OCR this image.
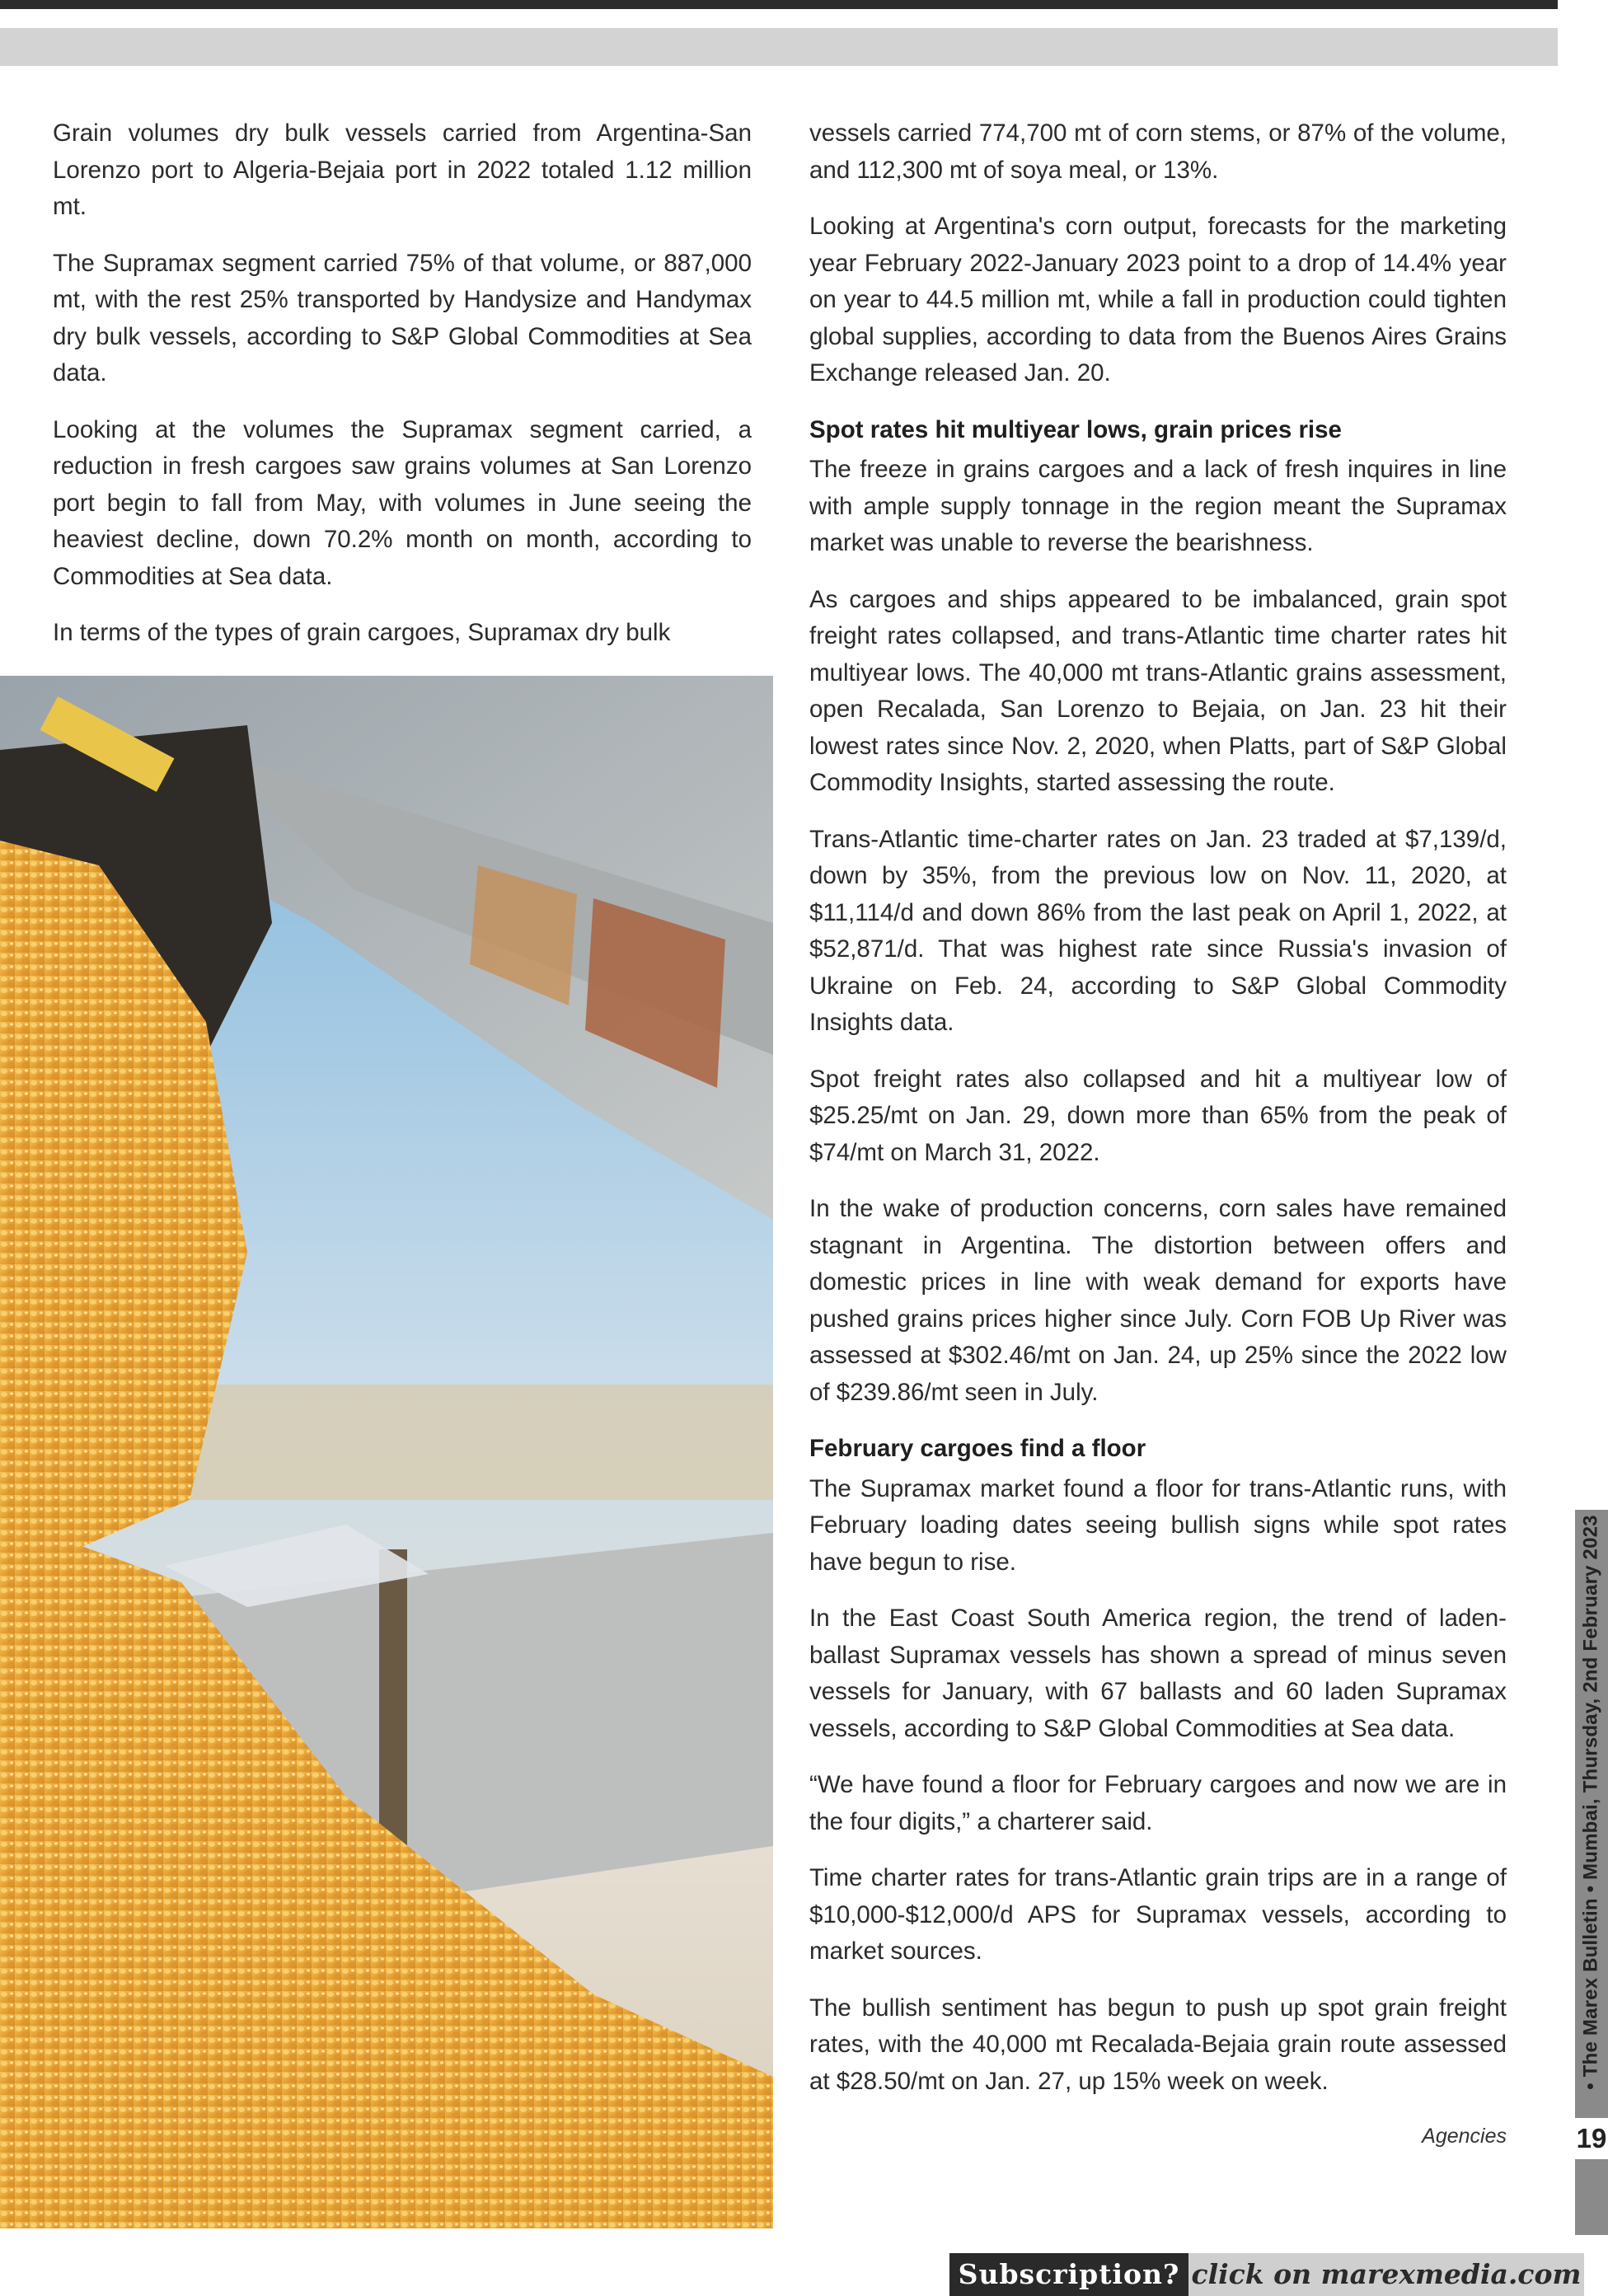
Grain volumes dry bulk vessels carried from Argentina-San Lorenzo port to Algeria-Bejaia port in 2022 totaled 1.12 million mt.

The Supramax segment carried 75% of that volume, or 887,000 mt, with the rest 25% transported by Handysize and Handymax dry bulk vessels, according to S&P Global Commodities at Sea data.

Looking at the volumes the Supramax segment carried, a reduction in fresh cargoes saw grains volumes at San Lorenzo port begin to fall from May, with volumes in June seeing the heaviest decline, down 70.2% month on month, according to Commodities at Sea data.

In terms of the types of grain cargoes, Supramax dry bulk

vessels carried 774,700 mt of corn stems, or 87% of the volume, and 112,300 mt of soya meal, or 13%.

Looking at Argentina's corn output, forecasts for the marketing year February 2022-January 2023 point to a drop of 14.4% year on year to 44.5 million mt, while a fall in production could tighten global supplies, according to data from the Buenos Aires Grains Exchange released Jan. 20.

Spot rates hit multiyear lows, grain prices rise

The freeze in grains cargoes and a lack of fresh inquires in line with ample supply tonnage in the region meant the Supramax market was unable to reverse the bearishness.

As cargoes and ships appeared to be imbalanced, grain spot freight rates collapsed, and trans-Atlantic time charter rates hit multiyear lows. The 40,000 mt trans-Atlantic grains assessment, open Recalada, San Lorenzo to Bejaia, on Jan. 23 hit their lowest rates since Nov. 2, 2020, when Platts, part of S&P Global Commodity Insights, started assessing the route.

Trans-Atlantic time-charter rates on Jan. 23 traded at $7,139/d, down by 35%, from the previous low on Nov. 11, 2020, at $11,114/d and down 86% from the last peak on April 1, 2022, at $52,871/d. That was highest rate since Russia's invasion of Ukraine on Feb. 24, according to S&P Global Commodity Insights data.

Spot freight rates also collapsed and hit a multiyear low of $25.25/mt on Jan. 29, down more than 65% from the peak of $74/mt on March 31, 2022.

In the wake of production concerns, corn sales have remained stagnant in Argentina. The distortion between offers and domestic prices in line with weak demand for exports have pushed grains prices higher since July. Corn FOB Up River was assessed at $302.46/mt on Jan. 24, up 25% since the 2022 low of $239.86/mt seen in July.

February cargoes find a floor

The Supramax market found a floor for trans-Atlantic runs, with February loading dates seeing bullish signs while spot rates have begun to rise.

In the East Coast South America region, the trend of laden-ballast Supramax vessels has shown a spread of minus seven vessels for January, with 67 ballasts and 60 laden Supramax vessels, according to S&P Global Commodities at Sea data.

“We have found a floor for February cargoes and now we are in the four digits,” a charterer said.

Time charter rates for trans-Atlantic grain trips are in a range of $10,000-$12,000/d APS for Supramax vessels, according to market sources.

The bullish sentiment has begun to push up spot grain freight rates, with the 40,000 mt Recalada-Bejaia grain route assessed at $28.50/mt on Jan. 27, up 15% week on week.

Agencies
• The Marex Bulletin • Mumbai, Thursday, 2nd February 2023
19
Subscription? click on marexmedia.com
